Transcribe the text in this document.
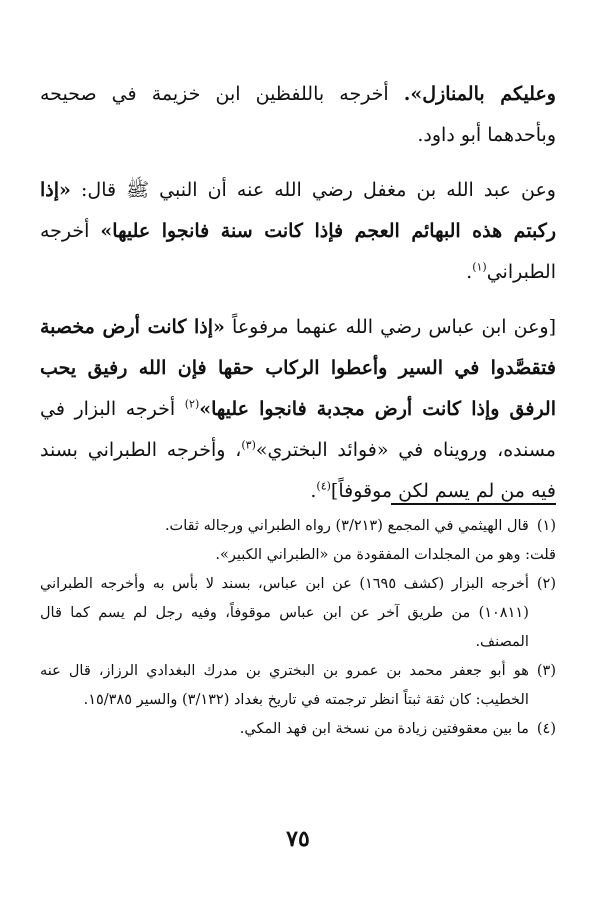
وعليكم بالمنازل». أخرجه باللفظين ابن خزيمة في صحيحه وبأحدهما أبو داود.

وعن عبد الله بن مغفل رضي الله عنه أن النبي ﷺ قال: «إذا ركبتم هذه البهائم العجم فإذا كانت سنة فانجوا عليها» أخرجه الطبراني$^{(١)}$.

[وعن ابن عباس رضي الله عنهما مرفوعاً «إذا كانت أرض مخصبة فتقصَّدوا في السير وأعطوا الركاب حقها فإن الله رفيق يحب الرفق وإذا كانت أرض مجدبة فانجوا عليها»$^{(٢)}$ أخرجه البزار في مسنده، ورويناه في «فوائد البختري»$^{(٣)}$، وأخرجه الطبراني بسند فيه من لم يسم لكن موقوفاً]$^{(٤)}$.

(١)
قال الهيثمي في المجمع (٣/٢١٣) رواه الطبراني ورجاله ثقات.

قلت: وهو من المجلدات المفقودة من «الطبراني الكبير».

(٢)
أخرجه البزار (كشف ١٦٩٥) عن ابن عباس، بسند لا بأس به وأخرجه الطبراني (١٠٨١١) من طريق آخر عن ابن عباس موقوفاً، وفيه رجل لم يسم كما قال المصنف.

(٣)
هو أبو جعفر محمد بن عمرو بن البختري بن مدرك البغدادي الرزاز، قال عنه الخطيب: كان ثقة ثبتاً انظر ترجمته في تاريخ بغداد (٣/١٣٢) والسير ١٥/٣٨٥.

(٤)
ما بين معقوفتين زيادة من نسخة ابن فهد المكي.

٧٥
